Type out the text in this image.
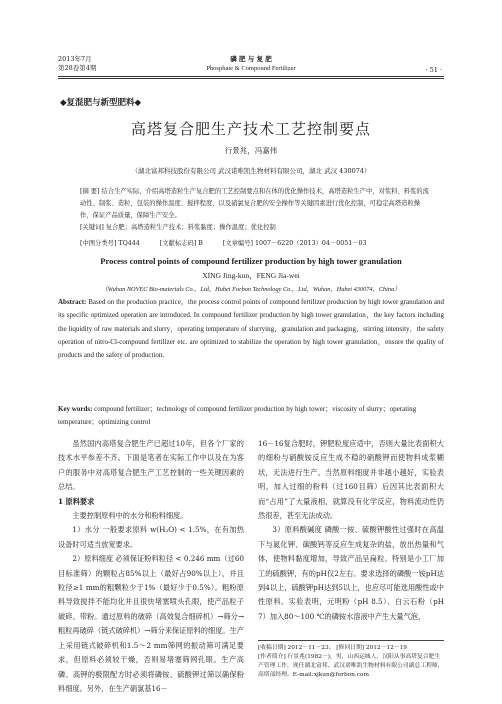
2013年7月
第28卷第4期
磷 肥 与 复 肥
Phosphate & Compound Fertilizer	· 51 ·
◆复混肥与新型肥料◆
高塔复合肥生产技术工艺控制要点
行景兆，冯嘉伟
（湖北富邦科技股份有限公司 武汉诺唯凯生物材料有限公司，湖北 武汉 430074）
[摘 要] 结合生产实际，介绍高塔造粒生产复合肥的工艺控制要点和在体的优化操作技术，高塔造粒生产中，对浆料、料浆的流动性、制浆、造粒、包装的操作温度、搅拌程度、以及硝氯复合肥的安全操作等关键因素进行优化控制，可稳定高塔造粒操作，保证产品质量，保障生产安全。
[关键词] 复合肥；高塔造粒生产技术；料浆黏度；操作温度；优化控制
[中图分类号] TQ444	[文献标志码] B	[文章编号] 1007－6220（2013）04－0051－03
Process control points of compound fertilizer production by high tower granulation
XING Jing-kun，FENG Jia-wei
（Wuhan NOVEC Bio-materials Co.，Ltd，Hubei Forbon Technology Co.，Ltd，Wuhan，Hubei 430074，China）
Abstract: Based on the production practice，the process control points of compound fertilizer production by high tower granulation and its specific optimized operation are introduced. In compound fertilizer production by high tower granulation，the key factors including the liquidity of raw materials and slurry，operating temperature of slurrying，granulation and packaging，stirring intensity，the safety operation of nitro-Cl-compound fertilizer etc. are optimized to stabilize the operation by high tower granulation，ensure the quality of products and the safety of production.
Key words: compound fertilizer；technology of compound fertilizer production by high tower；viscosity of slurry；operating temperature；optimizing control

虽然国内高塔复合肥生产已超过10年，但各个厂家的技术水平参差不齐。下面是笔者在实际工作中以及在为客户的服务中对高塔复合肥生产工艺控制的一些关键因素的总结。

1 原料要求

主要控制原料中的水分和粉料细度。

1）水分 一般要求原料 w(H₂O) < 1.5%，在有加热设备时可适当放宽要求。

2）原料细度 必须保证粉料粒径 < 0.246 mm（过60目标准筛）的颗粒占85%以上（最好占90%以上），并且粒径≥1 mm的粗颗粒少于1%（最好少于0.5%）。粗粉原料导致搅拌不能均化并且很快堵塞喷头孔眼，使产品粒子破碎、带粉。通过原料的破碎（高效复合细碎机）→筛分→粗粒再破碎（链式破碎机）→筛分来保证原料的细度。生产上采用链式破碎机和1.5～2 mm筛网的振动筛可满足要求，但原料必须较干燥，否则易堵塞筛网孔眼。生产高磷、高钾的极限配方时必须将磷铵、硫酸钾过筛以确保粉料细度。另外，在生产硝氯基16－

16－16复合肥时，钾肥粒度应适中，否则大量比表面积大的细粉与硝酸铵反应生成不稳的硝酸钾而使物料成浆糊状，无法进行生产。当然原料细度并非越小越好，实验表明，加入过细的粉料（过160目筛）后因其比表面积大而“占用”了大量液相，就算没有化学反应，物料流动性仍然很差，甚至无法成动。

3）原料酸碱度 磷酸一铵、硫酸钾酸性过强时在高温下与氮化钾、碳酸钙等反应生成复杂的盐，放出热量和气体，使物料黏度增加，导致产品呈扁粒。特别是小工厂加工的硫酸钾，有的pH仅2左右。要求选择的磷酸一铵pH达到4以上，硫酸钾pH达到5以上，也应尽可能选用酸性或中性原料。实验表明，元明粉（pH 8.5）、白云石粉（pH 7）加入80～100 ℃的磷铵水溶液中产生大量气泡，

[收稿日期] 2012－11－23； [修回日期] 2012－12－19
[作者简介] 行景兆(1982－)，男，山西运城人，汉阳从事高塔复合肥生产管理工作，现任湖北富邦、武汉诺唯凯生物材料有限公司副总工程师，高塔部经理。E-mail:xjkun@forbon.com
